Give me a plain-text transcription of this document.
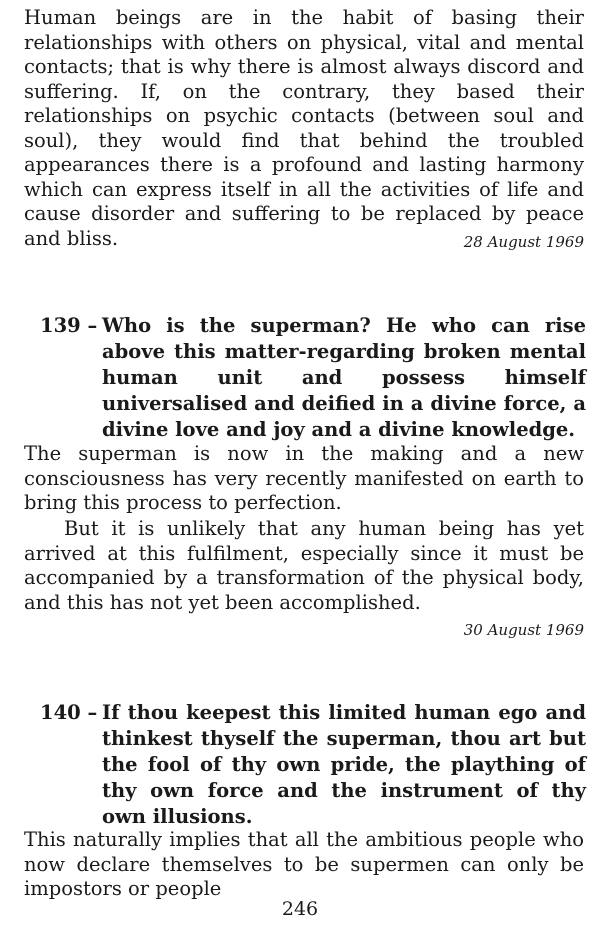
Human beings are in the habit of basing their relationships with others on physical, vital and mental contacts; that is why there is almost always discord and suffering. If, on the contrary, they based their relationships on psychic contacts (between soul and soul), they would find that behind the troubled appearances there is a profound and lasting harmony which can express itself in all the activities of life and cause disorder and suffering to be replaced by peace and bliss.	28 August 1969
139 – Who is the superman? He who can rise above this matter-regarding broken mental human unit and possess himself universalised and deified in a divine force, a divine love and joy and a divine knowledge.

The superman is now in the making and a new consciousness has very recently manifested on earth to bring this process to perfection.

But it is unlikely that any human being has yet arrived at this fulfilment, especially since it must be accompanied by a transformation of the physical body, and this has not yet been accomplished.

30 August 1969
140 – If thou keepest this limited human ego and thinkest thyself the superman, thou art but the fool of thy own pride, the plaything of thy own force and the instrument of thy own illusions.

This naturally implies that all the ambitious people who now declare themselves to be supermen can only be impostors or people

246
